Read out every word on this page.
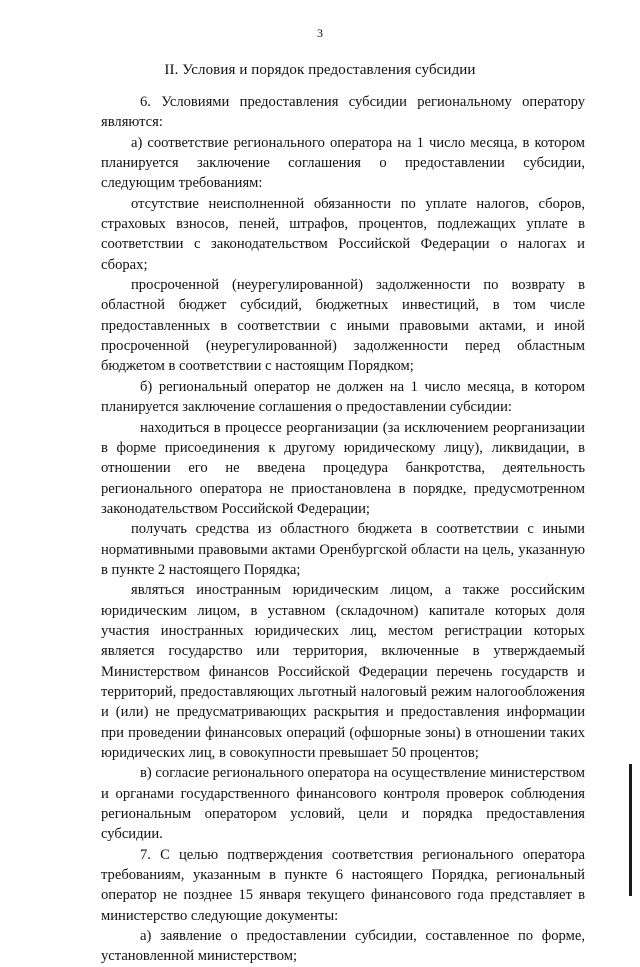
3
II. Условия и порядок предоставления субсидии

6. Условиями предоставления субсидии региональному оператору являются:

а) соответствие регионального оператора на 1 число месяца, в котором планируется заключение соглашения о предоставлении субсидии, следующим требованиям:

отсутствие неисполненной обязанности по уплате налогов, сборов, страховых взносов, пеней, штрафов, процентов, подлежащих уплате в соответствии с законодательством Российской Федерации о налогах и сборах;

просроченной (неурегулированной) задолженности по возврату в областной бюджет субсидий, бюджетных инвестиций, в том числе предоставленных в соответствии с иными правовыми актами, и иной просроченной (неурегулированной) задолженности перед областным бюджетом в соответствии с настоящим Порядком;

б) региональный оператор не должен на 1 число месяца, в котором планируется заключение соглашения о предоставлении субсидии:

находиться в процессе реорганизации (за исключением реорганизации в форме присоединения к другому юридическому лицу), ликвидации, в отношении его не введена процедура банкротства, деятельность регионального оператора не приостановлена в порядке, предусмотренном законодательством Российской Федерации;

получать средства из областного бюджета в соответствии с иными нормативными правовыми актами Оренбургской области на цель, указанную в пункте 2 настоящего Порядка;

являться иностранным юридическим лицом, а также российским юридическим лицом, в уставном (складочном) капитале которых доля участия иностранных юридических лиц, местом регистрации которых является государство или территория, включенные в утверждаемый Министерством финансов Российской Федерации перечень государств и территорий, предоставляющих льготный налоговый режим налогообложения и (или) не предусматривающих раскрытия и предоставления информации при проведении финансовых операций (офшорные зоны) в отношении таких юридических лиц, в совокупности превышает 50 процентов;

в) согласие регионального оператора на осуществление министерством и органами государственного финансового контроля проверок соблюдения региональным оператором условий, цели и порядка предоставления субсидии.

7. С целью подтверждения соответствия регионального оператора требованиям, указанным в пункте 6 настоящего Порядка, региональный оператор не позднее 15 января текущего финансового года представляет в министерство следующие документы:

а) заявление о предоставлении субсидии, составленное по форме, установленной министерством;
